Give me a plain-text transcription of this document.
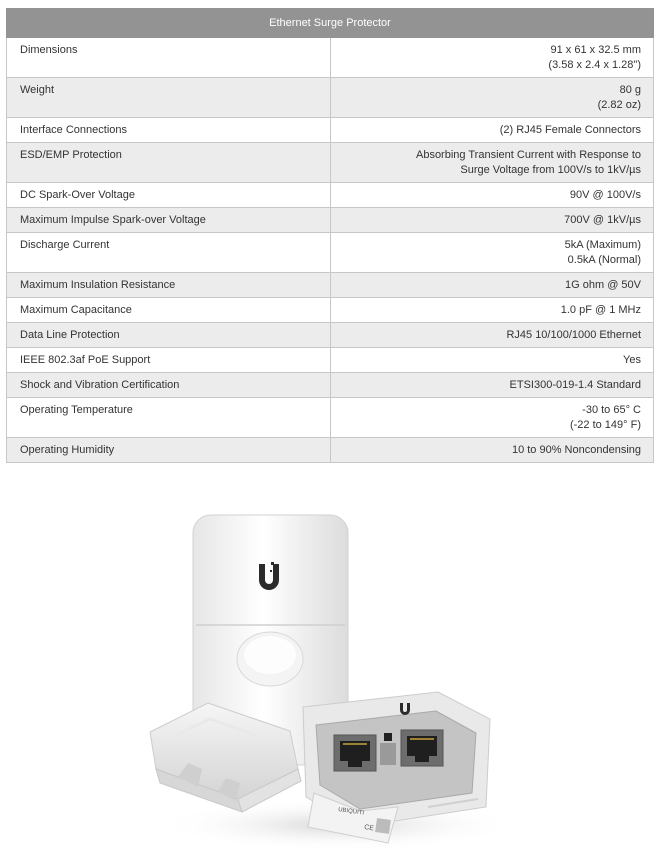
Ethernet Surge Protector	
Dimensions	91 x 61 x 32.5 mm
(3.58 x 2.4 x 1.28")

Weight	80 g
(2.82 oz)

Interface Connections	(2) RJ45 Female Connectors

ESD/EMP Protection	Absorbing Transient Current with Response to
Surge Voltage from 100V/s to 1kV/µs

DC Spark-Over Voltage	90V @ 100V/s

Maximum Impulse Spark-over Voltage	700V @ 1kV/µs

Discharge Current	5kA (Maximum)
0.5kA (Normal)

Maximum Insulation Resistance	1G ohm @ 50V

Maximum Capacitance	1.0 pF @ 1 MHz

Data Line Protection	RJ45 10/100/1000 Ethernet

IEEE 802.3af PoE Support	Yes

Shock and Vibration Certification	ETSI300-019-1.4 Standard

Operating Temperature	-30 to 65° C
(-22 to 149° F)

Operating Humidity	10 to 90% Noncondensing
UBIQUITI
CE
